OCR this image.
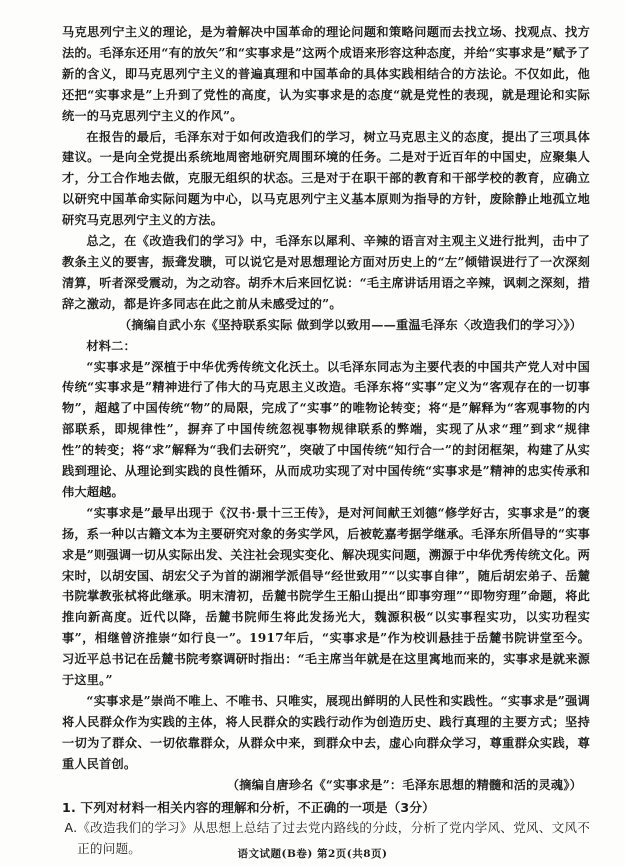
马克思列宁主义的理论，是为着解决中国革命的理论问题和策略问题而去找立场、找观点、找方法的。毛泽东还用“有的放矢”和“实事求是”这两个成语来形容这种态度，并给“实事求是”赋予了新的含义，即马克思列宁主义的普遍真理和中国革命的具体实践相结合的方法论。不仅如此，他还把“实事求是”上升到了党性的高度，认为实事求是的态度“就是党性的表现，就是理论和实际统一的马克思列宁主义的作风”。

在报告的最后，毛泽东对于如何改造我们的学习，树立马克思主义的态度，提出了三项具体建议。一是向全党提出系统地周密地研究周围环境的任务。二是对于近百年的中国史，应聚集人才，分工合作地去做，克服无组织的状态。三是对于在职干部的教育和干部学校的教育，应确立以研究中国革命实际问题为中心，以马克思列宁主义基本原则为指导的方针，废除静止地孤立地研究马克思列宁主义的方法。

总之，在《改造我们的学习》中，毛泽东以犀利、辛辣的语言对主观主义进行批判，击中了教条主义的要害，振聋发聩，可以说它是对思想理论方面对历史上的“左”倾错误进行了一次深刻清算，听者深受震动，为之动容。胡乔木后来回忆说：“毛主席讲话用语之辛辣，讽刺之深刻，措辞之激动，都是许多同志在此之前从未感受过的”。

（摘编自武小东《坚持联系实际 做到学以致用——重温毛泽东〈改造我们的学习〉》）

材料二：

“实事求是”深植于中华优秀传统文化沃土。以毛泽东同志为主要代表的中国共产党人对中国传统“实事求是”精神进行了伟大的马克思主义改造。毛泽东将“实事”定义为“客观存在的一切事物”，超越了中国传统“物”的局限，完成了“实事”的唯物论转变；将“是”解释为“客观事物的内部联系，即规律性”，摒弃了中国传统忽视事物规律联系的弊端，实现了从求“理”到求“规律性”的转变；将“求”解释为“我们去研究”，突破了中国传统“知行合一”的封闭框架，构建了从实践到理论、从理论到实践的良性循环，从而成功实现了对中国传统“实事求是”精神的忠实传承和伟大超越。

“实事求是”最早出现于《汉书·景十三王传》，是对河间献王刘德“修学好古，实事求是”的褒扬，系一种以古籍文本为主要研究对象的务实学风，后被乾嘉考据学继承。毛泽东所倡导的“实事求是”则强调一切从实际出发、关注社会现实变化、解决现实问题，溯源于中华优秀传统文化。两宋时，以胡安国、胡宏父子为首的湖湘学派倡导“经世致用”“以实事自律”，随后胡宏弟子、岳麓书院掌教张栻将此继承。明末清初，岳麓书院学生王船山提出“即事穷理”“即物穷理”命题，将此推向新高度。近代以降，岳麓书院师生将此发扬光大，魏源积极“以实事程实功，以实功程实事”，相继曾济推崇“如行良一”。1917年后，“实事求是”作为校训悬挂于岳麓书院讲堂至今。习近平总书记在岳麓书院考察调研时指出：“毛主席当年就是在这里寓地而来的，实事求是就来源于这里。”

“实事求是”崇尚不唯上、不唯书、只唯实，展现出鲜明的人民性和实践性。“实事求是”强调将人民群众作为实践的主体，将人民群众的实践行动作为创造历史、践行真理的主要方式；坚持一切为了群众、一切依靠群众，从群众中来，到群众中去，虚心向群众学习，尊重群众实践，尊重人民首创。

（摘编自唐珍名《“实事求是”：毛泽东思想的精髓和活的灵魂》）

1. 下列对材料一相关内容的理解和分析，不正确的一项是（3分）

A.《改造我们的学习》从思想上总结了过去党内路线的分歧，分析了党内学风、党风、文风不正的问题。	语文试题(B卷) 第2页(共8页)
